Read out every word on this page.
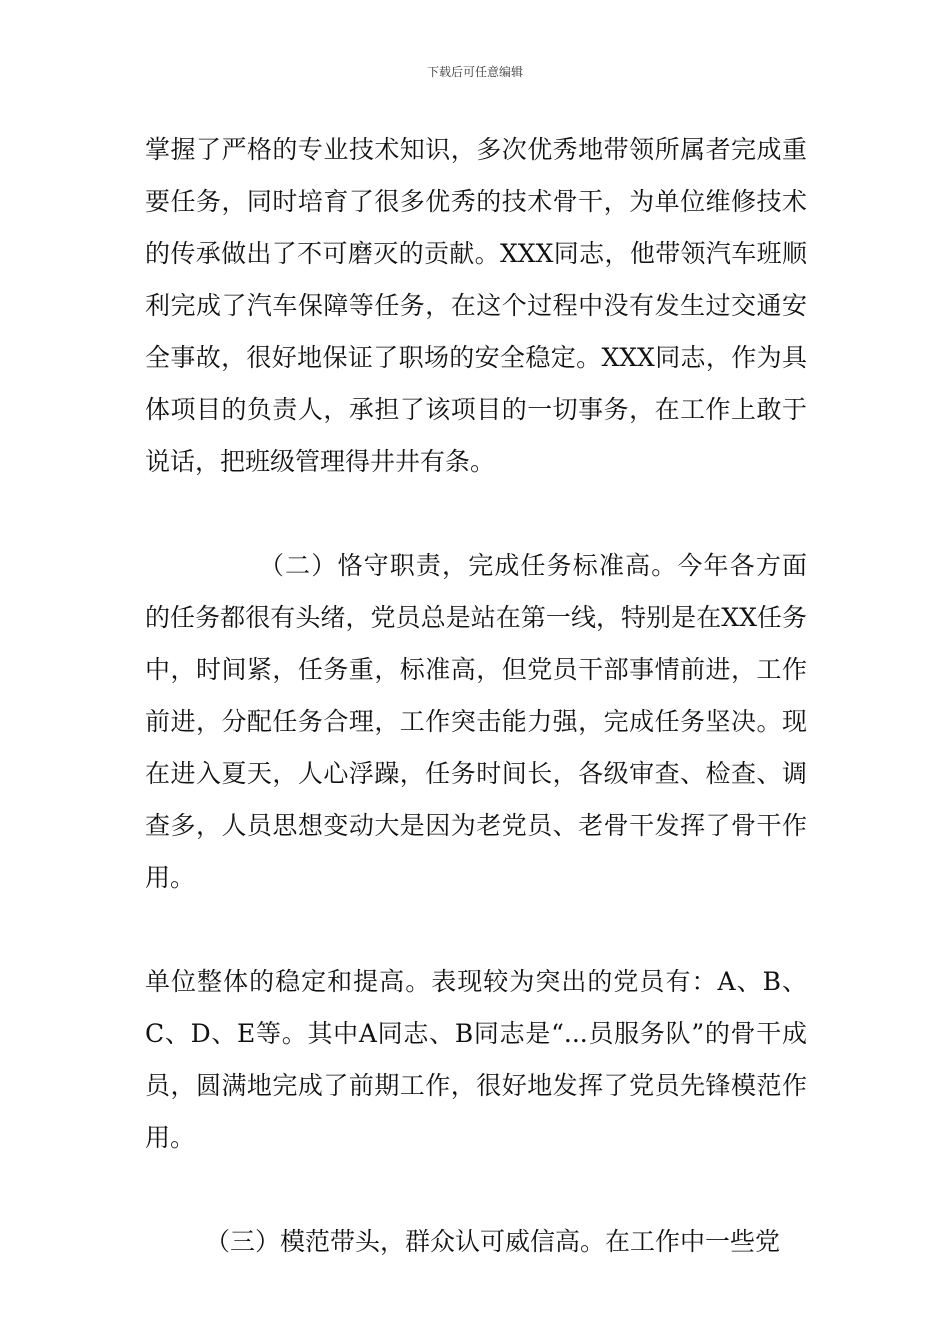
下载后可任意编辑

掌握了严格的专业技术知识，多次优秀地带领所属者完成重要任务，同时培育了很多优秀的技术骨干，为单位维修技术的传承做出了不可磨灭的贡献。XXX同志，他带领汽车班顺利完成了汽车保障等任务，在这个过程中没有发生过交通安全事故，很好地保证了职场的安全稳定。XXX同志，作为具体项目的负责人，承担了该项目的一切事务，在工作上敢于说话，把班级管理得井井有条。

（二）恪守职责，完成任务标准高。今年各方面的任务都很有头绪，党员总是站在第一线，特别是在XX任务中，时间紧，任务重，标准高，但党员干部事情前进，工作前进，分配任务合理，工作突击能力强，完成任务坚决。现在进入夏天，人心浮躁，任务时间长，各级审查、检查、调查多，人员思想变动大是因为老党员、老骨干发挥了骨干作用。

单位整体的稳定和提高。表现较为突出的党员有：A、B、C、D、E等。其中A同志、B同志是“...员服务队”的骨干成员，圆满地完成了前期工作，很好地发挥了党员先锋模范作用。

（三）模范带头，群众认可威信高。在工作中一些党
